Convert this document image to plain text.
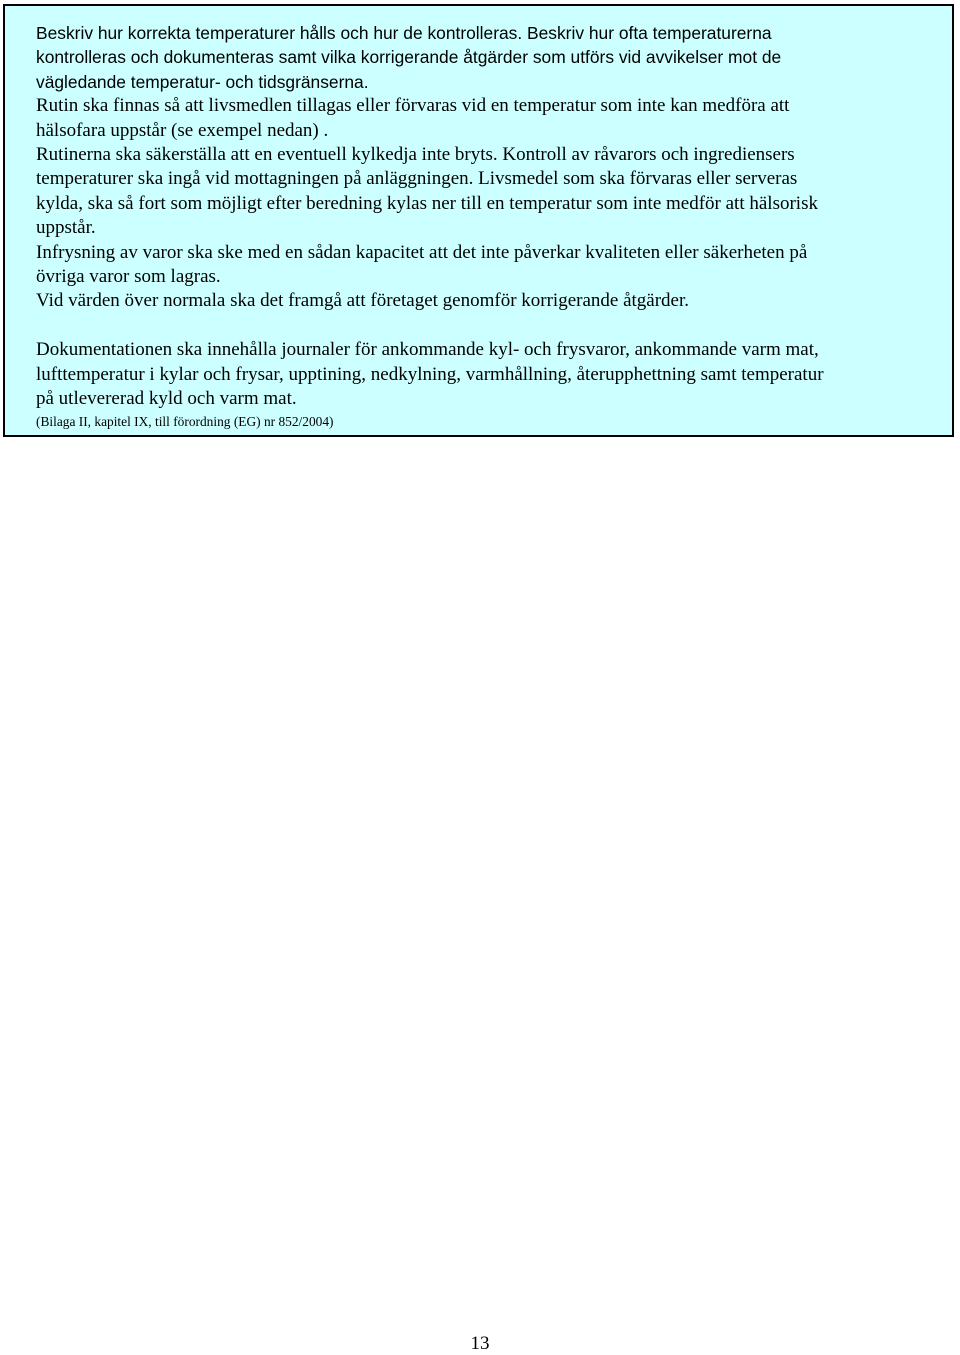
Beskriv hur korrekta temperaturer hålls och hur de kontrolleras. Beskriv hur ofta temperaturerna

kontrolleras och dokumenteras samt vilka korrigerande åtgärder som utförs vid avvikelser mot de

vägledande temperatur- och tidsgränserna.

Rutin ska finnas så att livsmedlen tillagas eller förvaras vid en temperatur som inte kan medföra att

hälsofara uppstår (se exempel nedan) .

Rutinerna ska säkerställa att en eventuell kylkedja inte bryts. Kontroll av råvarors och ingrediensers

temperaturer ska ingå vid mottagningen på anläggningen. Livsmedel som ska förvaras eller serveras

kylda, ska så fort som möjligt efter beredning kylas ner till en temperatur som inte medför att hälsorisk

uppstår.

Infrysning av varor ska ske med en sådan kapacitet att det inte påverkar kvaliteten eller säkerheten på

övriga varor som lagras.

Vid värden över normala ska det framgå att företaget genomför korrigerande åtgärder.

Dokumentationen ska innehålla journaler för ankommande kyl- och frysvaror, ankommande varm mat,

lufttemperatur i kylar och frysar, upptining, nedkylning, varmhållning, återupphettning samt temperatur

på utlevererad kyld och varm mat.

(Bilaga II, kapitel IX, till förordning (EG) nr 852/2004)

13
